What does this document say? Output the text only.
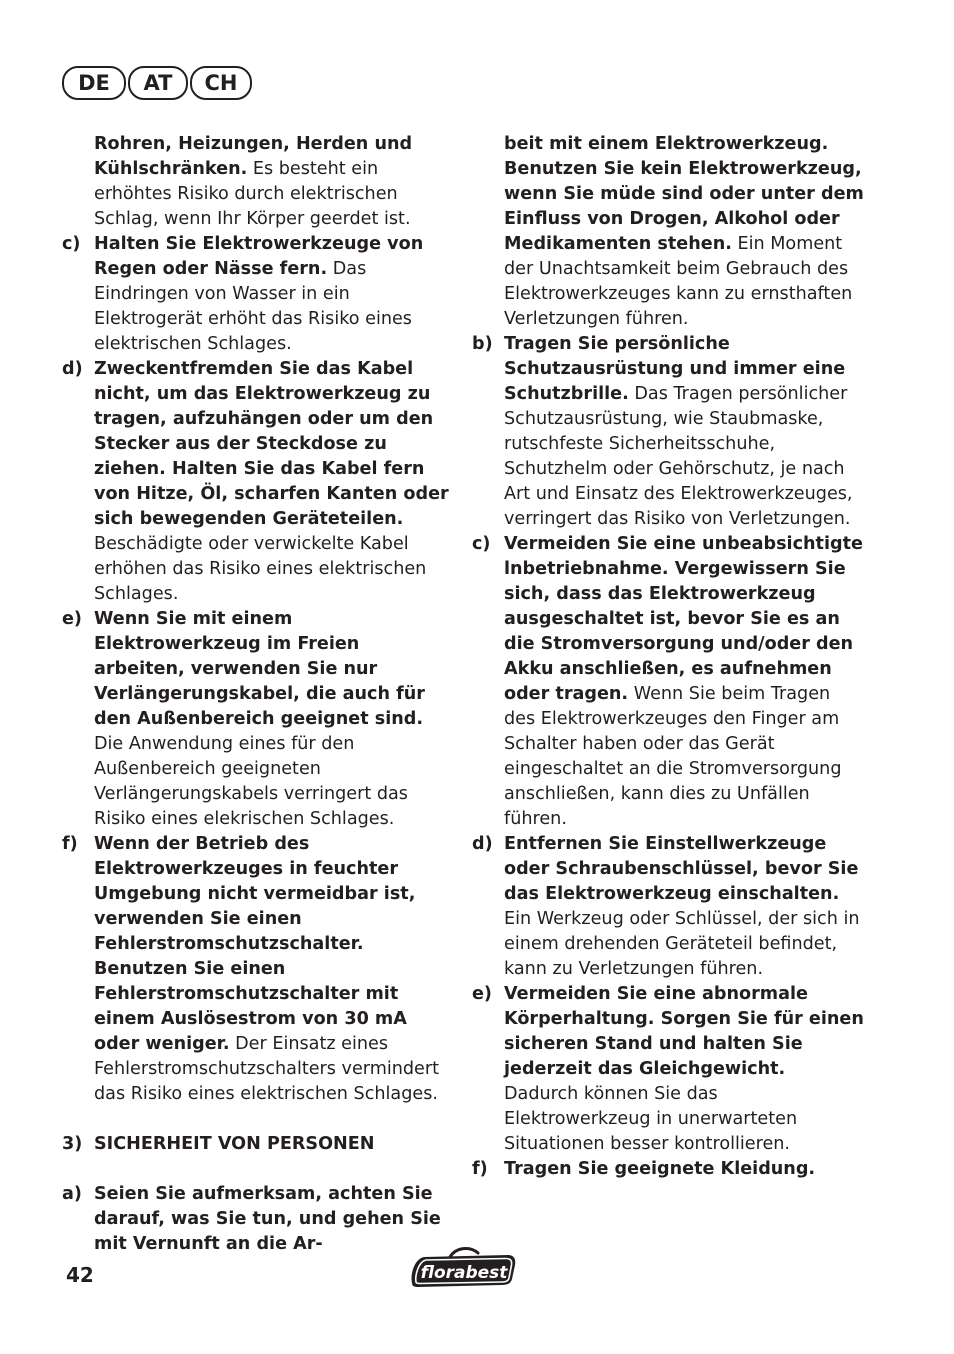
DE	AT	CH
Rohren, Heizungen, Herden und Kühlschränken. Es besteht ein erhöhtes Risiko durch elektrischen Schlag, wenn Ihr Körper geerdet ist.
c) Halten Sie Elektrowerkzeuge von Regen oder Nässe fern. Das Eindringen von Wasser in ein Elektrogerät erhöht das Risiko eines elektrischen Schlages.
d) Zweckentfremden Sie das Kabel nicht, um das Elektrowerkzeug zu tragen, aufzuhängen oder um den Stecker aus der Steckdose zu ziehen. Halten Sie das Kabel fern von Hitze, Öl, scharfen Kanten oder sich bewegenden Geräteteilen. Beschädigte oder verwickelte Kabel erhöhen das Risiko eines elektrischen Schlages.
e) Wenn Sie mit einem Elektrowerkzeug im Freien arbeiten, verwenden Sie nur Verlängerungskabel, die auch für den Außenbereich geeignet sind. Die Anwendung eines für den Außenbereich geeigneten Verlängerungskabels verringert das Risiko eines elekrischen Schlages.
f) Wenn der Betrieb des Elektrowerkzeuges in feuchter Umgebung nicht vermeidbar ist, verwenden Sie einen Fehlerstromschutzschalter. Benutzen Sie einen Fehlerstromschutzschalter mit einem Auslösestrom von 30 mA oder weniger. Der Einsatz eines Fehlerstromschutzschalters vermindert das Risiko eines elektrischen Schlages.
3) SICHERHEIT VON PERSONEN
a) Seien Sie aufmerksam, achten Sie darauf, was Sie tun, und gehen Sie mit Vernunft an die Ar-
beit mit einem Elektrowerkzeug. Benutzen Sie kein Elektrowerkzeug, wenn Sie müde sind oder unter dem Einfluss von Drogen, Alkohol oder Medikamenten stehen. Ein Moment der Unachtsamkeit beim Gebrauch des Elektrowerkzeuges kann zu ernsthaften Verletzungen führen.
b) Tragen Sie persönliche Schutzausrüstung und immer eine Schutzbrille. Das Tragen persönlicher Schutzausrüstung, wie Staubmaske, rutschfeste Sicherheitsschuhe, Schutzhelm oder Gehörschutz, je nach Art und Einsatz des Elektrowerkzeuges, verringert das Risiko von Verletzungen.
c) Vermeiden Sie eine unbeabsichtigte lnbetriebnahme. Vergewissern Sie sich, dass das Elektrowerkzeug ausgeschaltet ist, bevor Sie es an die Stromversorgung und/oder den Akku anschließen, es aufnehmen oder tragen. Wenn Sie beim Tragen des Elektrowerkzeuges den Finger am Schalter haben oder das Gerät eingeschaltet an die Stromversorgung anschließen, kann dies zu Unfällen führen.
d) Entfernen Sie Einstellwerkzeuge oder Schraubenschlüssel, bevor Sie das Elektrowerkzeug einschalten. Ein Werkzeug oder Schlüssel, der sich in einem drehenden Geräteteil befindet, kann zu Verletzungen führen.
e) Vermeiden Sie eine abnormale Körperhaltung. Sorgen Sie für einen sicheren Stand und halten Sie jederzeit das Gleichgewicht. Dadurch können Sie das Elektrowerkzeug in unerwarteten Situationen besser kontrollieren.
f) Tragen Sie geeignete Kleidung.
42	florabest
